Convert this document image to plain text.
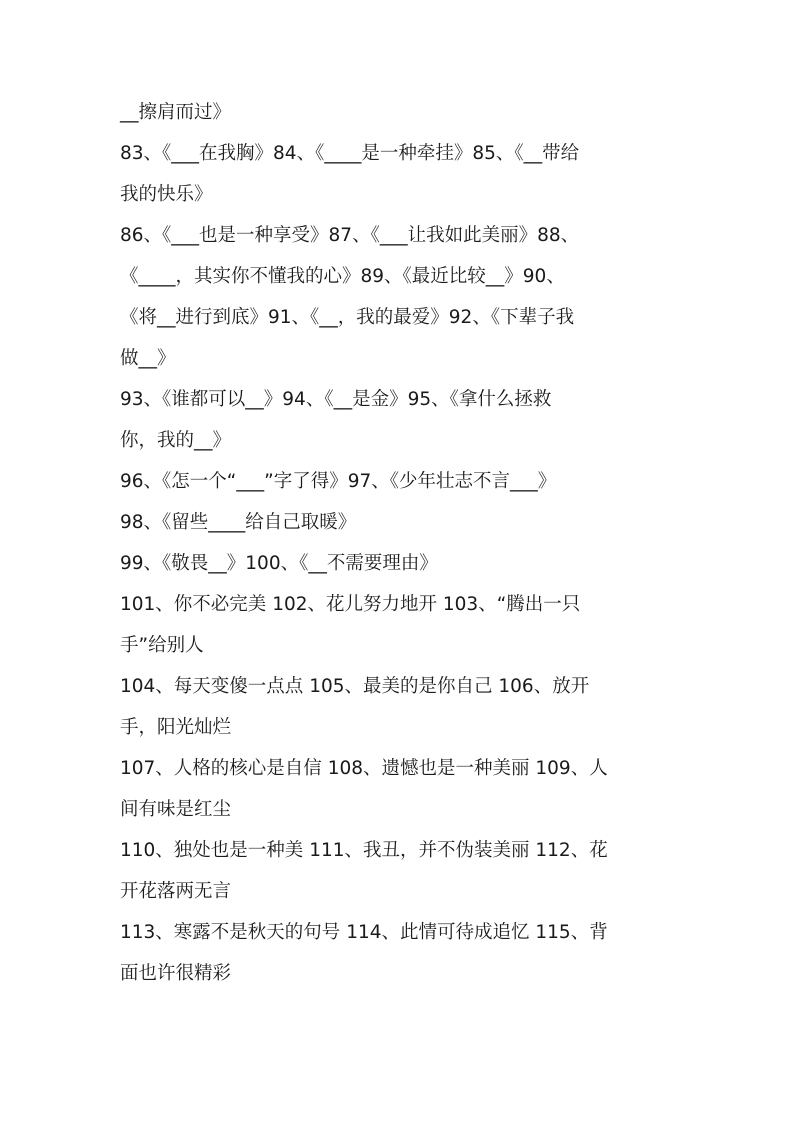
__擦肩而过》
83、《___在我胸》84、《____是一种牵挂》85、《__带给
我的快乐》
86、《___也是一种享受》87、《___让我如此美丽》88、
《____，其实你不懂我的心》89、《最近比较__》90、
《将__进行到底》91、《__，我的最爱》92、《下辈子我
做__》
93、《谁都可以__》94、《__是金》95、《拿什么拯救
你，我的__》
96、《怎一个“___”字了得》97、《少年壮志不言___》
98、《留些____给自己取暖》
99、《敬畏__》100、《__不需要理由》
101、你不必完美 102、花儿努力地开 103、“腾出一只
手”给别人
104、每天变傻一点点 105、最美的是你自己 106、放开
手，阳光灿烂
107、人格的核心是自信 108、遗憾也是一种美丽 109、人
间有味是红尘
110、独处也是一种美 111、我丑，并不伪装美丽 112、花
开花落两无言
113、寒露不是秋天的句号 114、此情可待成追忆 115、背
面也许很精彩
